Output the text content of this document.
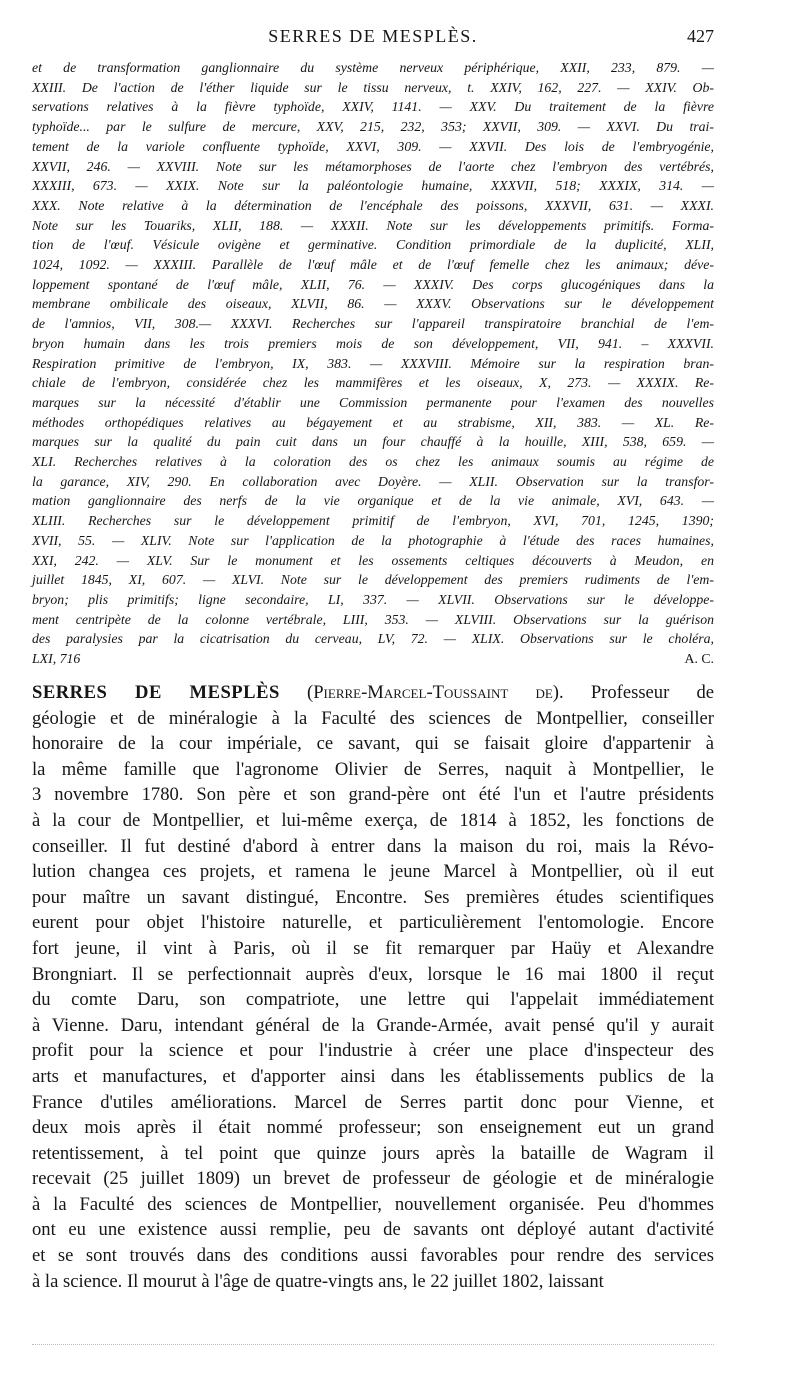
SERRES DE MESPLÈS.	427
et de transformation ganglionnaire du système nerveux périphérique, XXII, 233, 879. —
XXIII. De l'action de l'éther liquide sur le tissu nerveux, t. XXIV, 162, 227. — XXIV. Ob-
servations relatives à la fièvre typhoïde, XXIV, 1141. — XXV. Du traitement de la fièvre
typhoïde... par le sulfure de mercure, XXV, 215, 232, 353; XXVII, 309. — XXVI. Du trai-
tement de la variole confluente typhoïde, XXVI, 309. — XXVII. Des lois de l'embryogénie,
XXVII, 246. — XXVIII. Note sur les métamorphoses de l'aorte chez l'embryon des vertébrés,
XXXIII, 673. — XXIX. Note sur la paléontologie humaine, XXXVII, 518; XXXIX, 314. —
XXX. Note relative à la détermination de l'encéphale des poissons, XXXVII, 631. — XXXI.
Note sur les Touariks, XLII, 188. — XXXII. Note sur les développements primitifs. Forma-
tion de l'œuf. Vésicule ovigène et germinative. Condition primordiale de la duplicité, XLII,
1024, 1092. — XXXIII. Parallèle de l'œuf mâle et de l'œuf femelle chez les animaux; déve-
loppement spontané de l'œuf mâle, XLII, 76. — XXXIV. Des corps glucogéniques dans la
membrane ombilicale des oiseaux, XLVII, 86. — XXXV. Observations sur le développement
de l'amnios, VII, 308.— XXXVI. Recherches sur l'appareil transpiratoire branchial de l'em-
bryon humain dans les trois premiers mois de son développement, VII, 941. – XXXVII.
Respiration primitive de l'embryon, IX, 383. — XXXVIII. Mémoire sur la respiration bran-
chiale de l'embryon, considérée chez les mammifères et les oiseaux, X, 273. — XXXIX. Re-
marques sur la nécessité d'établir une Commission permanente pour l'examen des nouvelles
méthodes orthopédiques relatives au bégayement et au strabisme, XII, 383. — XL. Re-
marques sur la qualité du pain cuit dans un four chauffé à la houille, XIII, 538, 659. —
XLI. Recherches relatives à la coloration des os chez les animaux soumis au régime de
la garance, XIV, 290. En collaboration avec Doyère. — XLII. Observation sur la transfor-
mation ganglionnaire des nerfs de la vie organique et de la vie animale, XVI, 643. —
XLIII. Recherches sur le développement primitif de l'embryon, XVI, 701, 1245, 1390;
XVII, 55. — XLIV. Note sur l'application de la photographie à l'étude des races humaines,
XXI, 242. — XLV. Sur le monument et les ossements celtiques découverts à Meudon, en
juillet 1845, XI, 607. — XLVI. Note sur le développement des premiers rudiments de l'em-
bryon; plis primitifs; ligne secondaire, LI, 337. — XLVII. Observations sur le développe-
ment centripète de la colonne vertébrale, LIII, 353. — XLVIII. Observations sur la guérison
des paralysies par la cicatrisation du cerveau, LV, 72. — XLIX. Observations sur le choléra,
LXI, 716	A. C.
SERRES DE MESPLÈS (Pierre-Marcel-Toussaint de). Professeur de
géologie et de minéralogie à la Faculté des sciences de Montpellier, conseiller
honoraire de la cour impériale, ce savant, qui se faisait gloire d'appartenir à
la même famille que l'agronome Olivier de Serres, naquit à Montpellier, le
3 novembre 1780. Son père et son grand-père ont été l'un et l'autre présidents
à la cour de Montpellier, et lui-même exerça, de 1814 à 1852, les fonctions de
conseiller. Il fut destiné d'abord à entrer dans la maison du roi, mais la Révo-
lution changea ces projets, et ramena le jeune Marcel à Montpellier, où il eut
pour maître un savant distingué, Encontre. Ses premières études scientifiques
eurent pour objet l'histoire naturelle, et particulièrement l'entomologie. Encore
fort jeune, il vint à Paris, où il se fit remarquer par Haüy et Alexandre
Brongniart. Il se perfectionnait auprès d'eux, lorsque le 16 mai 1800 il reçut
du comte Daru, son compatriote, une lettre qui l'appelait immédiatement
à Vienne. Daru, intendant général de la Grande-Armée, avait pensé qu'il y aurait
profit pour la science et pour l'industrie à créer une place d'inspecteur des
arts et manufactures, et d'apporter ainsi dans les établissements publics de la
France d'utiles améliorations. Marcel de Serres partit donc pour Vienne, et
deux mois après il était nommé professeur; son enseignement eut un grand
retentissement, à tel point que quinze jours après la bataille de Wagram il
recevait (25 juillet 1809) un brevet de professeur de géologie et de minéralogie
à la Faculté des sciences de Montpellier, nouvellement organisée. Peu d'hommes
ont eu une existence aussi remplie, peu de savants ont déployé autant d'activité
et se sont trouvés dans des conditions aussi favorables pour rendre des services
à la science. Il mourut à l'âge de quatre-vingts ans, le 22 juillet 1802, laissant
